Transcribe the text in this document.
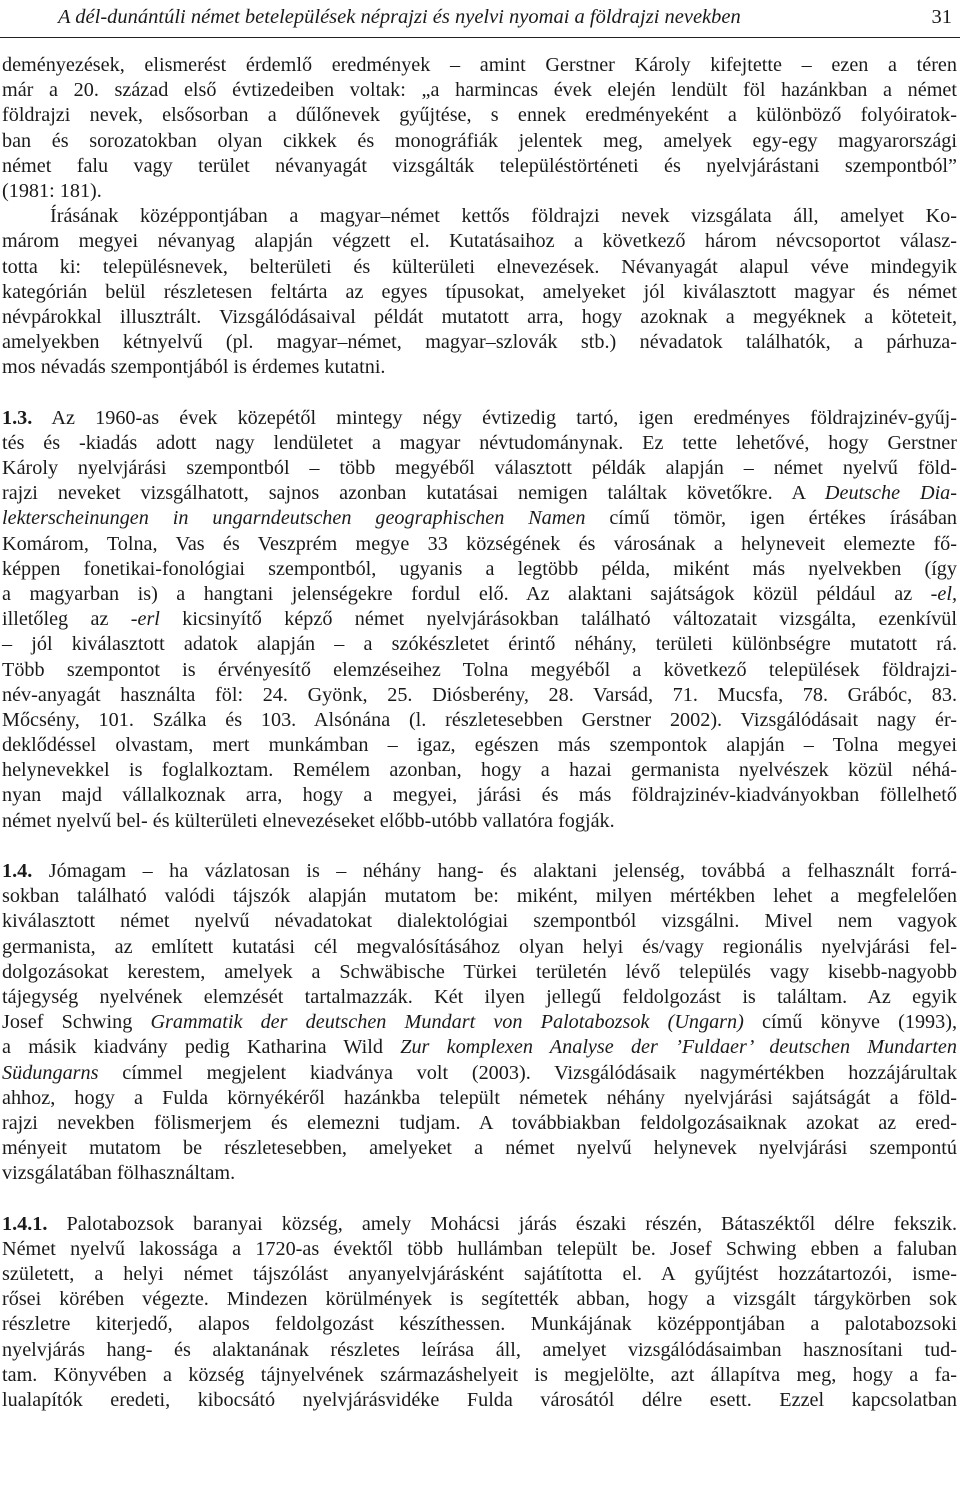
A dél-dunántúli német betelepülések néprajzi és nyelvi nyomai a földrajzi nevekben	31
deményezések, elismerést érdemlő eredmények – amint Gerstner Károly kifejtette – ezen a téren
már a 20. század első évtizedeiben voltak: „a harmincas évek elején lendült föl hazánkban a német
földrajzi nevek, elsősorban a dűlőnevek gyűjtése, s ennek eredményeként a különböző folyóiratok-
ban és sorozatokban olyan cikkek és monográfiák jelentek meg, amelyek egy-egy magyarországi
német falu vagy terület névanyagát vizsgálták településtörténeti és nyelvjárástani szempontból”
(1981: 181).
Írásának középpontjában a magyar–német kettős földrajzi nevek vizsgálata áll, amelyet Ko-
márom megyei névanyag alapján végzett el. Kutatásaihoz a következő három névcsoportot válasz-
totta ki: településnevek, belterületi és külterületi elnevezések. Névanyagát alapul véve mindegyik
kategórián belül részletesen feltárta az egyes típusokat, amelyeket jól kiválasztott magyar és német
névpárokkal illusztrált. Vizsgálódásaival példát mutatott arra, hogy azoknak a megyéknek a köteteit,
amelyekben kétnyelvű (pl. magyar–német, magyar–szlovák stb.) névadatok találhatók, a párhuza-
mos névadás szempontjából is érdemes kutatni.
1.3. Az 1960-as évek közepétől mintegy négy évtizedig tartó, igen eredményes földrajzinév-gyűj-
tés és -kiadás adott nagy lendületet a magyar névtudománynak. Ez tette lehetővé, hogy Gerstner
Károly nyelvjárási szempontból – több megyéből választott példák alapján – német nyelvű föld-
rajzi neveket vizsgálhatott, sajnos azonban kutatásai nemigen találtak követőkre. A Deutsche Dia-
lekterscheinungen in ungarndeutschen geographischen Namen című tömör, igen értékes írásában
Komárom, Tolna, Vas és Veszprém megye 33 községének és városának a helyneveit elemezte fő-
képpen fonetikai-fonológiai szempontból, ugyanis a legtöbb példa, miként más nyelvekben (így
a magyarban is) a hangtani jelenségekre fordul elő. Az alaktani sajátságok közül például az -el,
illetőleg az -erl kicsinyítő képző német nyelvjárásokban található változatait vizsgálta, ezenkívül
– jól kiválasztott adatok alapján – a szókészletet érintő néhány, területi különbségre mutatott rá.
Több szempontot is érvényesítő elemzéseihez Tolna megyéből a következő települések földrajzi-
név-anyagát használta föl: 24. Gyönk, 25. Diósberény, 28. Varsád, 71. Mucsfa, 78. Grábóc, 83.
Mőcsény, 101. Szálka és 103. Alsónána (l. részletesebben Gerstner 2002). Vizsgálódásait nagy ér-
deklődéssel olvastam, mert munkámban – igaz, egészen más szempontok alapján – Tolna megyei
helynevekkel is foglalkoztam. Remélem azonban, hogy a hazai germanista nyelvészek közül néhá-
nyan majd vállalkoznak arra, hogy a megyei, járási és más földrajzinév-kiadványokban föllelhető
német nyelvű bel- és külterületi elnevezéseket előbb-utóbb vallatóra fogják.
1.4. Jómagam – ha vázlatosan is – néhány hang- és alaktani jelenség, továbbá a felhasznált forrá-
sokban található valódi tájszók alapján mutatom be: miként, milyen mértékben lehet a megfelelően
kiválasztott német nyelvű névadatokat dialektológiai szempontból vizsgálni. Mivel nem vagyok
germanista, az említett kutatási cél megvalósításához olyan helyi és/vagy regionális nyelvjárási fel-
dolgozásokat kerestem, amelyek a Schwäbische Türkei területén lévő település vagy kisebb-nagyobb
tájegység nyelvének elemzését tartalmazzák. Két ilyen jellegű feldolgozást is találtam. Az egyik
Josef Schwing Grammatik der deutschen Mundart von Palotabozsok (Ungarn) című könyve (1993),
a másik kiadvány pedig Katharina Wild Zur komplexen Analyse der ’Fuldaer’ deutschen Mundarten
Südungarns címmel megjelent kiadványa volt (2003). Vizsgálódásaik nagymértékben hozzájárultak
ahhoz, hogy a Fulda környékéről hazánkba települt németek néhány nyelvjárási sajátságát a föld-
rajzi nevekben fölismerjem és elemezni tudjam. A továbbiakban feldolgozásaiknak azokat az ered-
ményeit mutatom be részletesebben, amelyeket a német nyelvű helynevek nyelvjárási szempontú
vizsgálatában fölhasználtam.
1.4.1. Palotabozsok baranyai község, amely Mohácsi járás északi részén, Bátaszéktől délre fekszik.
Német nyelvű lakossága a 1720-as évektől több hullámban települt be. Josef Schwing ebben a faluban
született, a helyi német tájszólást anyanyelvjárásként sajátította el. A gyűjtést hozzátartozói, isme-
rősei körében végezte. Mindezen körülmények is segítették abban, hogy a vizsgált tárgykörben sok
részletre kiterjedő, alapos feldolgozást készíthessen. Munkájának középpontjában a palotabozsoki
nyelvjárás hang- és alaktanának részletes leírása áll, amelyet vizsgálódásaimban hasznosítani tud-
tam. Könyvében a község tájnyelvének származáshelyeit is megjelölte, azt állapítva meg, hogy a fa-
lualapítók eredeti, kibocsátó nyelvjárásvidéke Fulda városától délre esett. Ezzel kapcsolatban
